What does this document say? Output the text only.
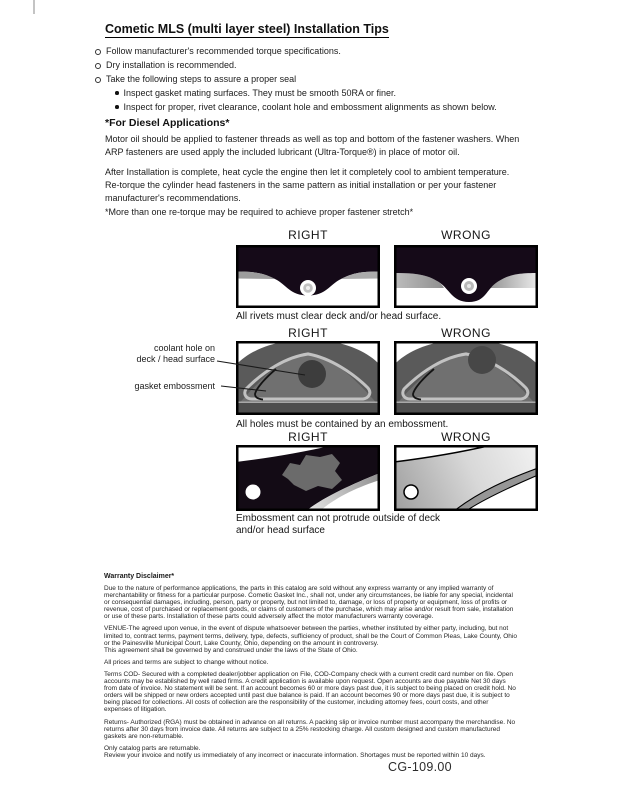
Cometic MLS (multi layer steel) Installation Tips
Follow manufacturer's recommended torque specifications.
Dry installation is recommended.
Take the following steps to assure a proper seal
Inspect gasket mating surfaces. They must be smooth 50RA or finer.
Inspect for proper, rivet clearance, coolant hole and embossment alignments as shown below.
*For Diesel Applications*
Motor oil should be applied to fastener threads as well as top and bottom of the fastener washers. When ARP fasteners are used apply the included lubricant (Ultra-Torque®) in place of motor oil.
After Installation is complete, heat cycle the engine then let it completely cool to ambient temperature. Re-torque the cylinder head fasteners in the same pattern as initial installation or per your fastener manufacturer's recommendations.
*More than one re-torque may be required to achieve proper fastener stretch*
RIGHT	WRONG
All rivets must clear deck and/or head surface.
RIGHT	WRONG
coolant hole on
deck / head surface
gasket embossment
All holes must be contained by an embossment.
RIGHT	WRONG
Embossment can not protrude outside of deck and/or head surface
Warranty Disclaimer*

Due to the nature of performance applications, the parts in this catalog are sold without any express warranty or any implied warranty of merchantability or fitness for a particular purpose. Cometic Gasket Inc., shall not, under any circumstances, be liable for any special, incidental or consequential damages, including, person, party or property, but not limited to, damage, or loss of property or equipment, loss of profits or revenue, cost of purchased or replacement goods, or claims of customers of the purchase, which may arise and/or result from sale, installation or use of these parts. Installation of these parts could adversely affect the motor manufacturers warranty coverage.

VENUE-The agreed upon venue, in the event of dispute whatsoever between the parties, whether instituted by either party, including, but not limited to, contract terms, payment terms, delivery, type, defects, sufficiency of product, shall be the Court of Common Pleas, Lake County, Ohio or the Painesville Municipal Court, Lake County, Ohio, depending on the amount in controversy.

This agreement shall be governed by and construed under the laws of the State of Ohio.

All prices and terms are subject to change without notice.

Terms COD- Secured with a completed dealer/jobber application on File, COD-Company check with a current credit card number on file. Open accounts may be established by well rated firms. A credit application is available upon request. Open accounts are due payable Net 30 days from date of invoice. No statement will be sent. If an account becomes 60 or more days past due, it is subject to being placed on credit hold. No orders will be shipped or new orders accepted until past due balance is paid. If an account becomes 90 or more days past due, it is subject to being placed for collections. All costs of collection are the responsibility of the customer, including attorney fees, court costs, and other expenses of litigation.

Returns- Authorized (RGA) must be obtained in advance on all returns. A packing slip or invoice number must accompany the merchandise. No returns after 30 days from invoice date. All returns are subject to a 25% restocking charge. All custom designed and custom manufactured gaskets are non-returnable.

Only catalog parts are returnable.

Review your invoice and notify us immediately of any incorrect or inaccurate information. Shortages must be reported within 10 days.

CG-109.00
